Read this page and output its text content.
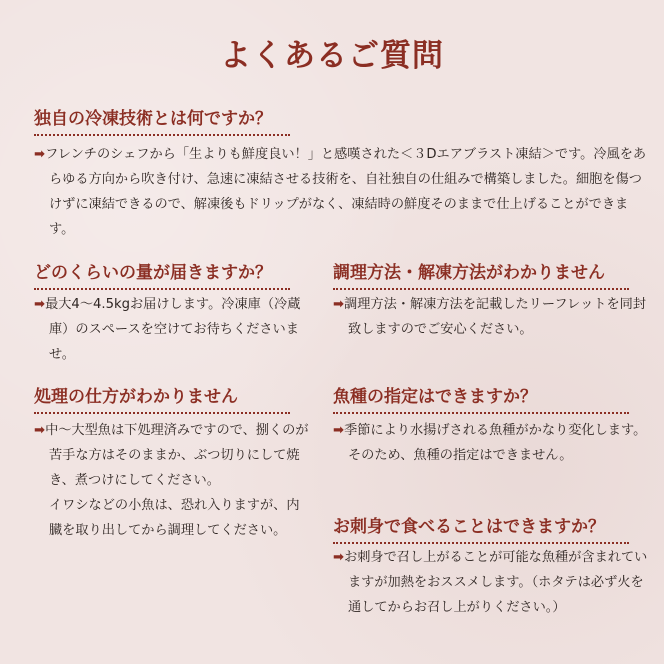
よくあるご質問
独自の冷凍技術とは何ですか？
➡フレンチのシェフから「生よりも鮮度良い！」と感嘆された＜３Dエアブラスト凍結＞です。冷風をあらゆる方向から吹き付け、急速に凍結させる技術を、自社独自の仕組みで構築しました。細胞を傷つけずに凍結できるので、解凍後もドリップがなく、凍結時の鮮度そのままで仕上げることができます。
どのくらいの量が届きますか？
➡最大4～4.5kgお届けします。冷凍庫（冷蔵庫）のスペースを空けてお待ちくださいませ。
調理方法・解凍方法がわかりません
➡調理方法・解凍方法を記載したリーフレットを同封致しますのでご安心ください。
処理の仕方がわかりません
➡中～大型魚は下処理済みですので、捌くのが苦手な方はそのままか、ぶつ切りにして焼き、煮つけにしてください。
イワシなどの小魚は、恐れ入りますが、内臓を取り出してから調理してください。
魚種の指定はできますか？
➡季節により水揚げされる魚種がかなり変化します。そのため、魚種の指定はできません。
お刺身で食べることはできますか？
➡お刺身で召し上がることが可能な魚種が含まれていますが加熱をおススメします。（ホタテは必ず火を通してからお召し上がりください。）
